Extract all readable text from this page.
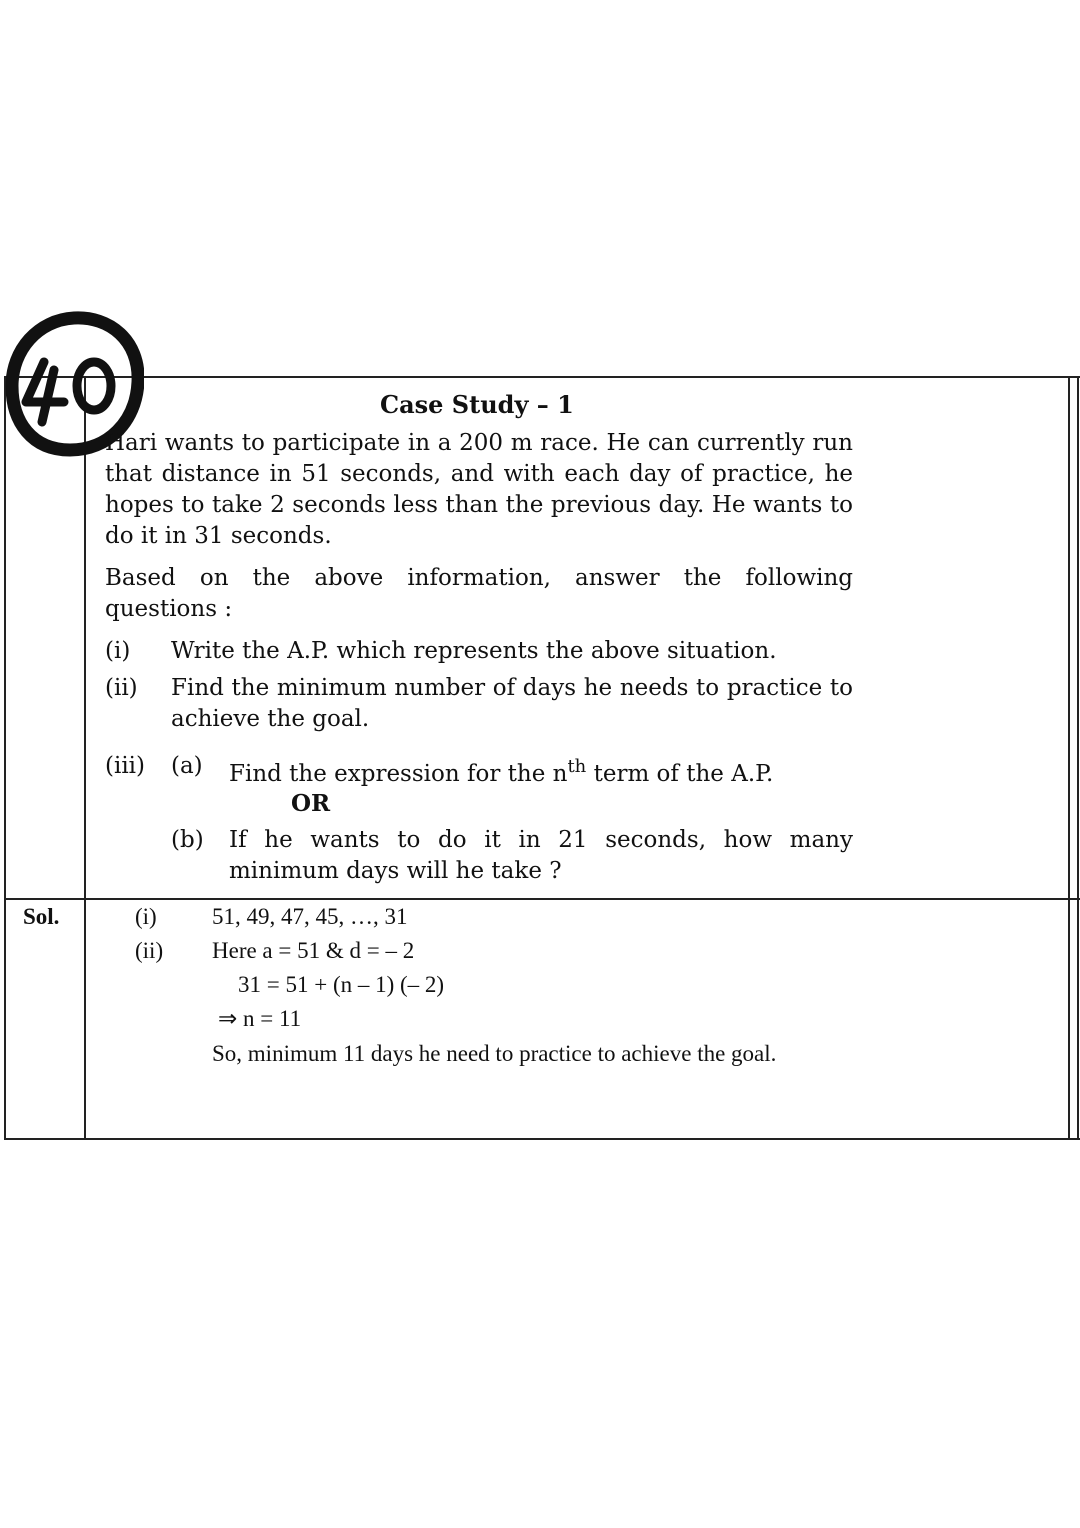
Case Study – 1
Hari wants to participate in a 200 m race. He can currently run that distance in 51 seconds, and with each day of practice, he hopes to take 2 seconds less than the previous day. He wants to do it in 31 seconds.
Based on the above information, answer the following questions :
(i) Write the A.P. which represents the above situation.
(ii) Find the minimum number of days he needs to practice to achieve the goal.
(iii) (a) Find the expression for the $n^{th}$ term of the A.P.
OR
(b) If he wants to do it in 21 seconds, how many minimum days will he take ?
Sol.	(i) 51, 49, 47, 45, …, 31
(ii) Here a = 51 & d = – 2
31 = 51 + (n – 1) (– 2)
⇒ n = 11
So, minimum 11 days he need to practice to achieve the goal.
